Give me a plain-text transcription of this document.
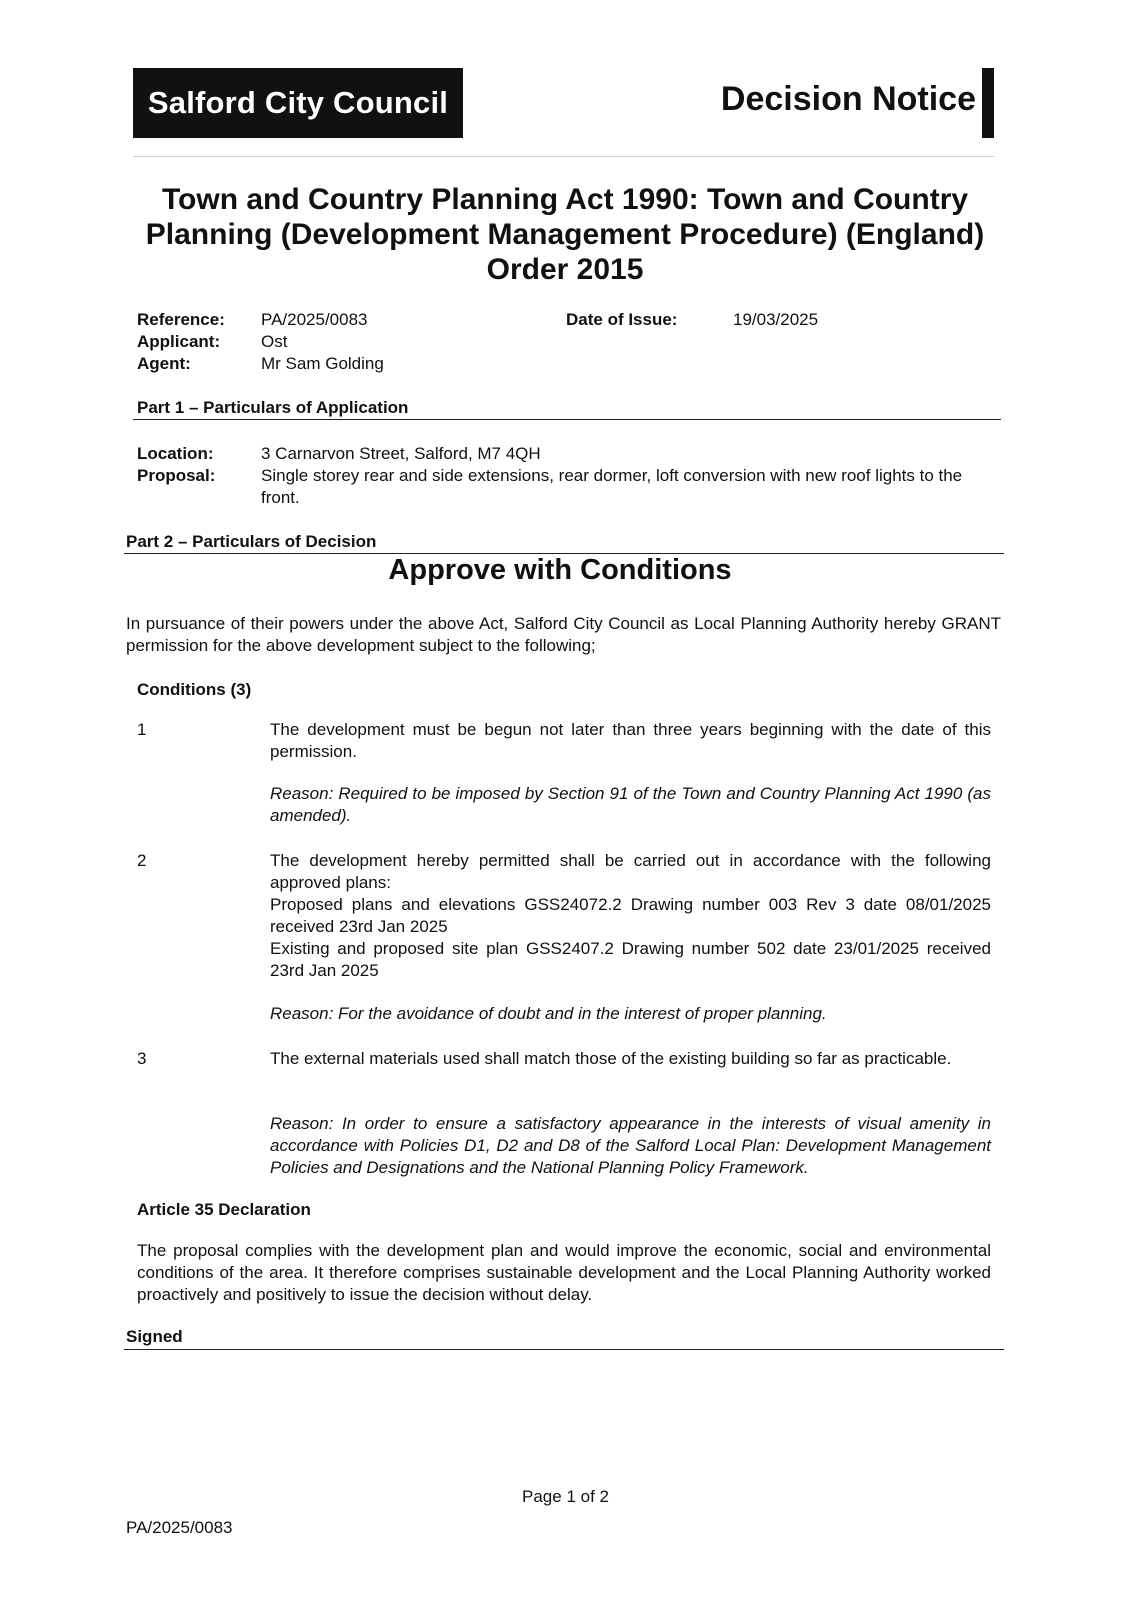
Salford City Council	Decision Notice
Town and Country Planning Act 1990: Town and Country Planning (Development Management Procedure) (England) Order 2015
Reference: PA/2025/0083	Date of Issue:	19/03/2025
Applicant: Ost
Agent:	Mr Sam Golding
Part 1 – Particulars of Application
Location:	3 Carnarvon Street, Salford, M7 4QH
Proposal:	Single storey rear and side extensions, rear dormer, loft conversion with new roof lights to the front.
Part 2 – Particulars of Decision
Approve with Conditions
In pursuance of their powers under the above Act, Salford City Council as Local Planning Authority hereby GRANT permission for the above development subject to the following;
Conditions (3)
1	The development must be begun not later than three years beginning with the date of this permission.
Reason: Required to be imposed by Section 91 of the Town and Country Planning Act 1990 (as amended).
2	The development hereby permitted shall be carried out in accordance with the following approved plans:
Proposed plans and elevations GSS24072.2 Drawing number 003 Rev 3 date 08/01/2025 received 23rd Jan 2025
Existing and proposed site plan GSS2407.2 Drawing number 502 date 23/01/2025 received 23rd Jan 2025
Reason: For the avoidance of doubt and in the interest of proper planning.
3	The external materials used shall match those of the existing building so far as practicable.
Reason: In order to ensure a satisfactory appearance in the interests of visual amenity in accordance with Policies D1, D2 and D8 of the Salford Local Plan: Development Management Policies and Designations and the National Planning Policy Framework.
Article 35 Declaration
The proposal complies with the development plan and would improve the economic, social and environmental conditions of the area. It therefore comprises sustainable development and the Local Planning Authority worked proactively and positively to issue the decision without delay.
Signed
Page 1 of 2
PA/2025/0083
